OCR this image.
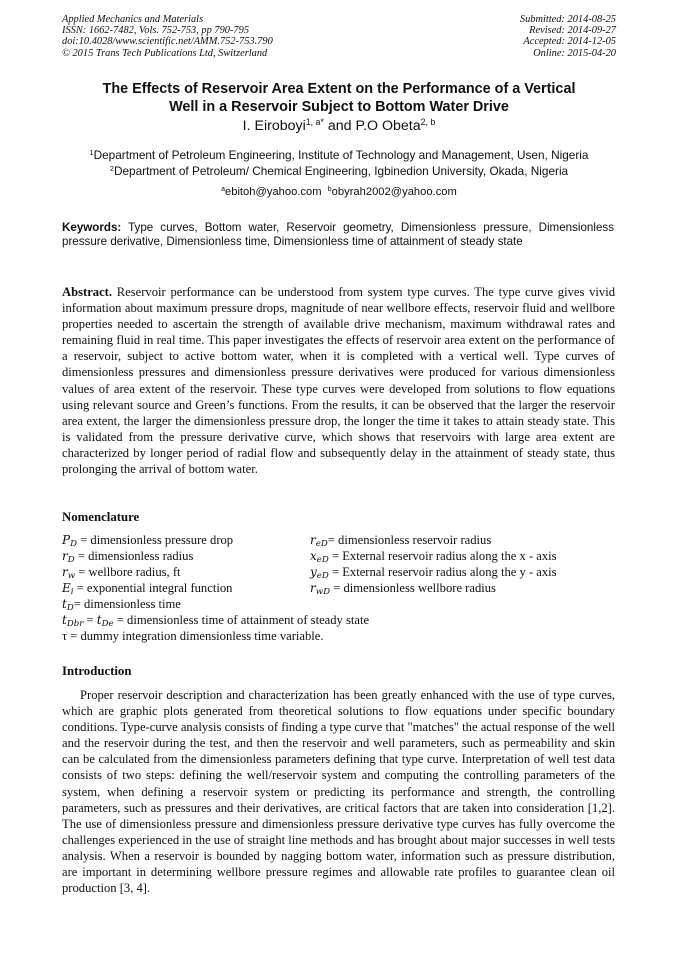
Applied Mechanics and Materials
ISSN: 1662-7482, Vols. 752-753, pp 790-795
doi:10.4028/www.scientific.net/AMM.752-753.790
© 2015 Trans Tech Publications Ltd, Switzerland
Submitted: 2014-08-25
Revised: 2014-09-27
Accepted: 2014-12-05
Online: 2015-04-20
The Effects of Reservoir Area Extent on the Performance of a Vertical
Well in a Reservoir Subject to Bottom Water Drive
I. Eiroboyi$^{1, a*}$ and P.O Obeta$^{2, b}$
$^1$Department of Petroleum Engineering, Institute of Technology and Management, Usen, Nigeria
$^2$Department of Petroleum/ Chemical Engineering, Igbinedion University, Okada, Nigeria
$^a$ebitoh@yahoo.com $^b$obyrah2002@yahoo.com
Keywords: Type curves, Bottom water, Reservoir geometry, Dimensionless pressure, Dimensionless pressure derivative, Dimensionless time, Dimensionless time of attainment of steady state
Abstract. Reservoir performance can be understood from system type curves. The type curve gives vivid information about maximum pressure drops, magnitude of near wellbore effects, reservoir fluid and wellbore properties needed to ascertain the strength of available drive mechanism, maximum withdrawal rates and remaining fluid in real time. This paper investigates the effects of reservoir area extent on the performance of a reservoir, subject to active bottom water, when it is completed with a vertical well. Type curves of dimensionless pressures and dimensionless pressure derivatives were produced for various dimensionless values of area extent of the reservoir. These type curves were developed from solutions to flow equations using relevant source and Green’s functions. From the results, it can be observed that the larger the reservoir area extent, the larger the dimensionless pressure drop, the longer the time it takes to attain steady state. This is validated from the pressure derivative curve, which shows that reservoirs with large area extent are characterized by longer period of radial flow and subsequently delay in the attainment of steady state, thus prolonging the arrival of bottom water.
Nomenclature
$P_D$ = dimensionless pressure drop
$r_D$ = dimensionless radius
$r_w$ = wellbore radius, ft
$E_i$ = exponential integral function
$r_{eD}=$ dimensionless reservoir radius
$x_{eD}$ = External reservoir radius along the x - axis
$y_{eD}$ = External reservoir radius along the y - axis
$r_{wD}$ = dimensionless wellbore radius
$t_D=$ dimensionless time
$t_{Dbr} = t_{De}$ = dimensionless time of attainment of steady state
τ = dummy integration dimensionless time variable.
Introduction
Proper reservoir description and characterization has been greatly enhanced with the use of type curves, which are graphic plots generated from theoretical solutions to flow equations under specific boundary conditions. Type-curve analysis consists of finding a type curve that "matches" the actual response of the well and the reservoir during the test, and then the reservoir and well parameters, such as permeability and skin can be calculated from the dimensionless parameters defining that type curve. Interpretation of well test data consists of two steps: defining the well/reservoir system and computing the controlling parameters of the system, when defining a reservoir system or predicting its performance and strength, the controlling parameters, such as pressures and their derivatives, are critical factors that are taken into consideration [1,2]. The use of dimensionless pressure and dimensionless pressure derivative type curves has fully overcome the challenges experienced in the use of straight line methods and has brought about major successes in well tests analysis. When a reservoir is bounded by nagging bottom water, information such as pressure distribution, are important in determining wellbore pressure regimes and allowable rate profiles to guarantee clean oil production [3, 4].
